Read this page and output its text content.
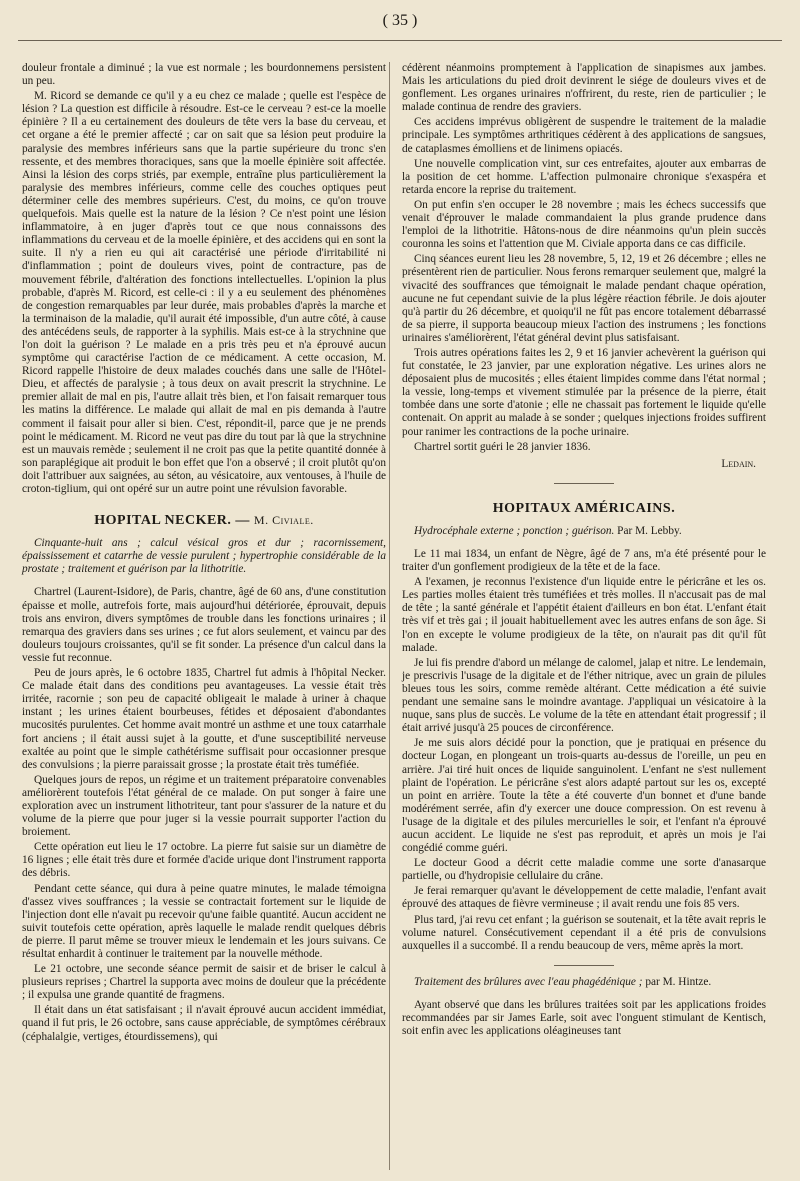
( 35 )

douleur frontale a diminué ; la vue est normale ; les bourdonnemens persistent un peu.

M. Ricord se demande ce qu'il y a eu chez ce malade ; quelle est l'espèce de lésion ? La question est difficile à résoudre. Est-ce le cerveau ? est-ce la moelle épinière ? Il a eu certainement des douleurs de tête vers la base du cerveau, et cet organe a été le premier affecté ; car on sait que sa lésion peut produire la paralysie des membres inférieurs sans que la partie supérieure du tronc s'en ressente, et des membres thoraciques, sans que la moelle épinière soit affectée. Ainsi la lésion des corps striés, par exemple, entraîne plus particulièrement la paralysie des membres inférieurs, comme celle des couches optiques peut déterminer celle des membres supérieurs. C'est, du moins, ce qu'on trouve quelquefois. Mais quelle est la nature de la lésion ? Ce n'est point une lésion inflammatoire, à en juger d'après tout ce que nous connaissons des inflammations du cerveau et de la moelle épinière, et des accidens qui en sont la suite. Il n'y a rien eu qui ait caractérisé une période d'irritabilité ni d'inflammation ; point de douleurs vives, point de contracture, pas de mouvement fébrile, d'altération des fonctions intellectuelles. L'opinion la plus probable, d'après M. Ricord, est celle-ci : il y a eu seulement des phénomènes de congestion remarquables par leur durée, mais probables d'après la marche et la terminaison de la maladie, qu'il aurait été impossible, d'un autre côté, à cause des antécédens seuls, de rapporter à la syphilis. Mais est-ce à la strychnine que l'on doit la guérison ? Le malade en a pris très peu et n'a éprouvé aucun symptôme qui caractérise l'action de ce médicament. A cette occasion, M. Ricord rappelle l'histoire de deux malades couchés dans une salle de l'Hôtel-Dieu, et affectés de paralysie ; à tous deux on avait prescrit la strychnine. Le premier allait de mal en pis, l'autre allait très bien, et l'on faisait remarquer tous les matins la différence. Le malade qui allait de mal en pis demanda à l'autre comment il faisait pour aller si bien. C'est, répondit-il, parce que je ne prends point le médicament. M. Ricord ne veut pas dire du tout par là que la strychnine est un mauvais remède ; seulement il ne croit pas que la petite quantité donnée à son paraplégique ait produit le bon effet que l'on a observé ; il croit plutôt qu'on doit l'attribuer aux saignées, au séton, au vésicatoire, aux ventouses, à l'huile de croton-tiglium, qui ont opéré sur un autre point une révulsion favorable.

HOPITAL NECKER. — M. Civiale.

Cinquante-huit ans ; calcul vésical gros et dur ; racornissement, épaississement et catarrhe de vessie purulent ; hypertrophie considérable de la prostate ; traitement et guérison par la lithotritie.

Chartrel (Laurent-Isidore), de Paris, chantre, âgé de 60 ans, d'une constitution épaisse et molle, autrefois forte, mais aujourd'hui détériorée, éprouvait, depuis trois ans environ, divers symptômes de trouble dans les fonctions urinaires ; il remarqua des graviers dans ses urines ; ce fut alors seulement, et vaincu par des douleurs toujours croissantes, qu'il se fit sonder. La présence d'un calcul dans la vessie fut reconnue.

Peu de jours après, le 6 octobre 1835, Chartrel fut admis à l'hôpital Necker. Ce malade était dans des conditions peu avantageuses. La vessie était très irritée, racornie ; son peu de capacité obligeait le malade à uriner à chaque instant ; les urines étaient bourbeuses, fétides et déposaient d'abondantes mucosités purulentes. Cet homme avait montré un asthme et une toux catarrhale fort anciens ; il était aussi sujet à la goutte, et d'une susceptibilité nerveuse exaltée au point que le simple cathétérisme suffisait pour occasionner presque des convulsions ; la pierre paraissait grosse ; la prostate était très tuméfiée.

Quelques jours de repos, un régime et un traitement préparatoire convenables améliorèrent toutefois l'état général de ce malade. On put songer à faire une exploration avec un instrument lithotriteur, tant pour s'assurer de la nature et du volume de la pierre que pour juger si la vessie pourrait supporter l'action du broiement.

Cette opération eut lieu le 17 octobre. La pierre fut saisie sur un diamètre de 16 lignes ; elle était très dure et formée d'acide urique dont l'instrument rapporta des débris.

Pendant cette séance, qui dura à peine quatre minutes, le malade témoigna d'assez vives souffrances ; la vessie se contractait fortement sur le liquide de l'injection dont elle n'avait pu recevoir qu'une faible quantité. Aucun accident ne suivit toutefois cette opération, après laquelle le malade rendit quelques débris de pierre. Il parut même se trouver mieux le lendemain et les jours suivans. Ce résultat enhardit à continuer le traitement par la nouvelle méthode.

Le 21 octobre, une seconde séance permit de saisir et de briser le calcul à plusieurs reprises ; Chartrel la supporta avec moins de douleur que la précédente ; il expulsa une grande quantité de fragmens.

Il était dans un état satisfaisant ; il n'avait éprouvé aucun accident immédiat, quand il fut pris, le 26 octobre, sans cause appréciable, de symptômes cérébraux (céphalalgie, vertiges, étourdissemens), qui

cédèrent néanmoins promptement à l'application de sinapismes aux jambes. Mais les articulations du pied droit devinrent le siége de douleurs vives et de gonflement. Les organes urinaires n'offrirent, du reste, rien de particulier ; le malade continua de rendre des graviers.

Ces accidens imprévus obligèrent de suspendre le traitement de la maladie principale. Les symptômes arthritiques cédèrent à des applications de sangsues, de cataplasmes émolliens et de linimens opiacés.

Une nouvelle complication vint, sur ces entrefaites, ajouter aux embarras de la position de cet homme. L'affection pulmonaire chronique s'exaspéra et retarda encore la reprise du traitement.

On put enfin s'en occuper le 28 novembre ; mais les échecs successifs que venait d'éprouver le malade commandaient la plus grande prudence dans l'emploi de la lithotritie. Hâtons-nous de dire néanmoins qu'un plein succès couronna les soins et l'attention que M. Civiale apporta dans ce cas difficile.

Cinq séances eurent lieu les 28 novembre, 5, 12, 19 et 26 décembre ; elles ne présentèrent rien de particulier. Nous ferons remarquer seulement que, malgré la vivacité des souffrances que témoignait le malade pendant chaque opération, aucune ne fut cependant suivie de la plus légère réaction fébrile. Je dois ajouter qu'à partir du 26 décembre, et quoiqu'il ne fût pas encore totalement débarrassé de sa pierre, il supporta beaucoup mieux l'action des instrumens ; les fonctions urinaires s'améliorèrent, l'état général devint plus satisfaisant.

Trois autres opérations faites les 2, 9 et 16 janvier achevèrent la guérison qui fut constatée, le 23 janvier, par une exploration négative. Les urines alors ne déposaient plus de mucosités ; elles étaient limpides comme dans l'état normal ; la vessie, long-temps et vivement stimulée par la présence de la pierre, était tombée dans une sorte d'atonie ; elle ne chassait pas fortement le liquide qu'elle contenait. On apprit au malade à se sonder ; quelques injections froides suffirent pour ranimer les contractions de la poche urinaire.

Chartrel sortit guéri le 28 janvier 1836.

Ledain.
HOPITAUX AMÉRICAINS.

Hydrocéphale externe ; ponction ; guérison. Par M. Lebby.

Le 11 mai 1834, un enfant de Nègre, âgé de 7 ans, m'a été présenté pour le traiter d'un gonflement prodigieux de la tête et de la face.

A l'examen, je reconnus l'existence d'un liquide entre le péricrâne et les os. Les parties molles étaient très tuméfiées et très molles. Il n'accusait pas de mal de tête ; la santé générale et l'appétit étaient d'ailleurs en bon état. L'enfant était très vif et très gai ; il jouait habituellement avec les autres enfans de son âge. Si l'on en excepte le volume prodigieux de la tête, on n'aurait pas dit qu'il fût malade.

Je lui fis prendre d'abord un mélange de calomel, jalap et nitre. Le lendemain, je prescrivis l'usage de la digitale et de l'éther nitrique, avec un grain de pilules bleues tous les soirs, comme remède altérant. Cette médication a été suivie pendant une semaine sans le moindre avantage. J'appliquai un vésicatoire à la nuque, sans plus de succès. Le volume de la tête en attendant était progressif ; il était arrivé jusqu'à 25 pouces de circonférence.

Je me suis alors décidé pour la ponction, que je pratiquai en présence du docteur Logan, en plongeant un trois-quarts au-dessus de l'oreille, un peu en arrière. J'ai tiré huit onces de liquide sanguinolent. L'enfant ne s'est nullement plaint de l'opération. Le péricrâne s'est alors adapté partout sur les os, excepté un point en arrière. Toute la tête a été couverte d'un bonnet et d'une bande modérément serrée, afin d'y exercer une douce compression. On est revenu à l'usage de la digitale et des pilules mercurielles le soir, et l'enfant n'a éprouvé aucun accident. Le liquide ne s'est pas reproduit, et après un mois je l'ai congédié comme guéri.

Le docteur Good a décrit cette maladie comme une sorte d'anasarque partielle, ou d'hydropisie cellulaire du crâne.

Je ferai remarquer qu'avant le développement de cette maladie, l'enfant avait éprouvé des attaques de fièvre vermineuse ; il avait rendu une fois 85 vers.

Plus tard, j'ai revu cet enfant ; la guérison se soutenait, et la tête avait repris le volume naturel. Consécutivement cependant il a été pris de convulsions auxquelles il a succombé. Il a rendu beaucoup de vers, même après la mort.

Traitement des brûlures avec l'eau phagédénique ; par M. Hintze.

Ayant observé que dans les brûlures traitées soit par les applications froides recommandées par sir James Earle, soit avec l'onguent stimulant de Kentisch, soit enfin avec les applications oléagineuses tant
